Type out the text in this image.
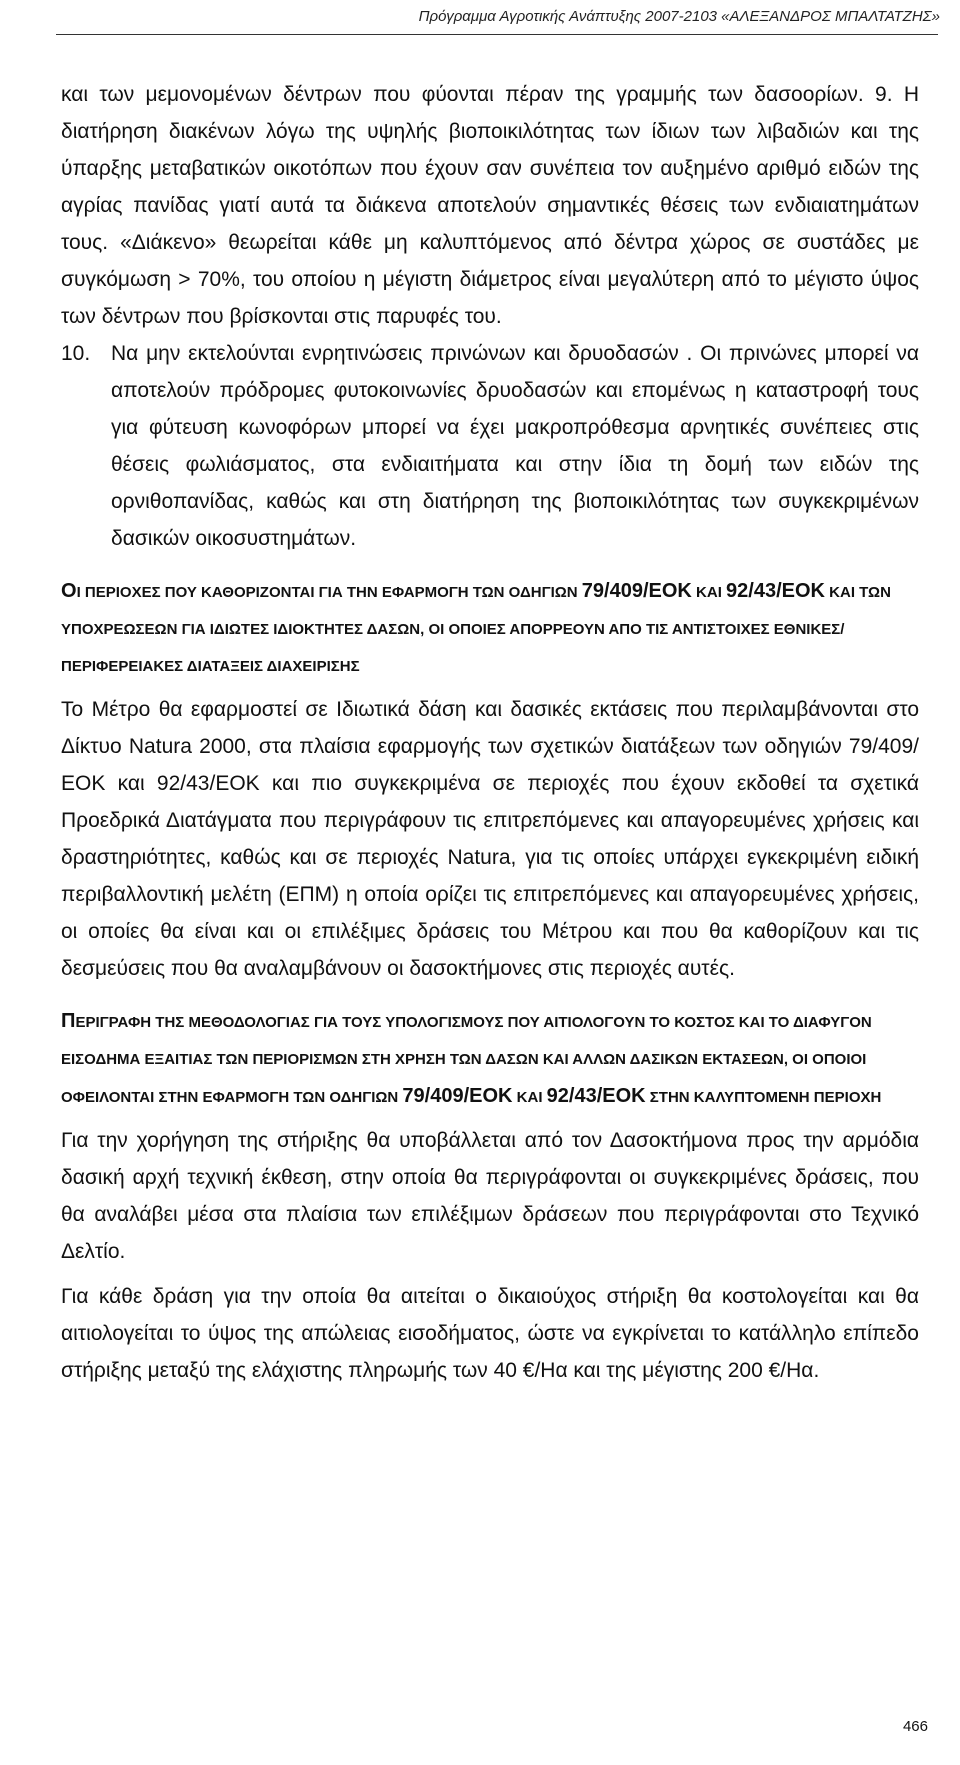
Πρόγραμμα Αγροτικής Ανάπτυξης 2007-2103 «ΑΛΕΞΑΝΔΡΟΣ ΜΠΑΛΤΑΤΖΗΣ»

και των μεμονομένων δέντρων που φύονται πέραν της γραμμής των δασοορίων. 9. Η διατήρηση διακένων λόγω της υψηλής βιοποικιλότητας των ίδιων των λιβαδιών και της ύπαρξης μεταβατικών οικοτόπων που έχουν σαν συνέπεια τον αυξημένο αριθμό ειδών της αγρίας πανίδας γιατί αυτά τα διάκενα αποτελούν σημαντικές θέσεις των ενδιαιατημάτων τους. «Διάκενο» θεωρείται κάθε μη καλυπτόμενος από δέντρα χώρος σε συστάδες με συγκόμωση > 70%, του οποίου η μέγιστη διάμετρος είναι μεγαλύτερη από το μέγιστο ύψος των δέντρων που βρίσκονται στις παρυφές του.

10. Να μην εκτελούνται ενρητινώσεις πρινώνων και δρυοδασών . Οι πρινώνες μπορεί να αποτελούν πρόδρομες φυτοκοινωνίες δρυοδασών και επομένως η καταστροφή τους για φύτευση κωνοφόρων μπορεί να έχει μακροπρόθεσμα αρνητικές συνέπειες στις θέσεις φωλιάσματος, στα ενδιαιτήματα και στην ίδια τη δομή των ειδών της ορνιθοπανίδας, καθώς και στη διατήρηση της βιοποικιλότητας των συγκεκριμένων δασικών οικοσυστημάτων.

ΟΙ ΠΕΡΙΟΧΕΣ ΠΟΥ ΚΑΘΟΡΙΖΟΝΤΑΙ ΓΙΑ ΤΗΝ ΕΦΑΡΜΟΓΗ ΤΩΝ ΟΔΗΓΙΩΝ 79/409/ΕΟΚ ΚΑΙ 92/43/ΕΟΚ ΚΑΙ ΤΩΝ ΥΠΟΧΡΕΩΣΕΩΝ ΓΙΑ ΙΔΙΩΤΕΣ ΙΔΙΟΚΤΗΤΕΣ ΔΑΣΩΝ, ΟΙ ΟΠΟΙΕΣ ΑΠΟΡΡΕΟΥΝ ΑΠΟ ΤΙΣ ΑΝΤΙΣΤΟΙΧΕΣ ΕΘΝΙΚΕΣ/ΠΕΡΙΦΕΡΕΙΑΚΕΣ ΔΙΑΤΑΞΕΙΣ ΔΙΑΧΕΙΡΙΣΗΣ

Το Μέτρο θα εφαρμοστεί σε Ιδιωτικά δάση και δασικές εκτάσεις που περιλαμβάνονται στο Δίκτυο Natura 2000, στα πλαίσια εφαρμογής των σχετικών διατάξεων των οδηγιών 79/409/ΕΟΚ και 92/43/ΕΟΚ και πιο συγκεκριμένα σε περιοχές που έχουν εκδοθεί τα σχετικά Προεδρικά Διατάγματα που περιγράφουν τις επιτρεπόμενες και απαγορευμένες χρήσεις και δραστηριότητες, καθώς και σε περιοχές Natura, για τις οποίες υπάρχει εγκεκριμένη ειδική περιβαλλοντική μελέτη (ΕΠΜ) η οποία ορίζει τις επιτρεπόμενες και απαγορευμένες χρήσεις, οι οποίες θα είναι και οι επιλέξιμες δράσεις του Μέτρου και που θα καθορίζουν και τις δεσμεύσεις που θα αναλαμβάνουν οι δασοκτήμονες στις περιοχές αυτές.

ΠΕΡΙΓΡΑΦΗ ΤΗΣ ΜΕΘΟΔΟΛΟΓΙΑΣ ΓΙΑ ΤΟΥΣ ΥΠΟΛΟΓΙΣΜΟΥΣ ΠΟΥ ΑΙΤΙΟΛΟΓΟΥΝ ΤΟ ΚΟΣΤΟΣ ΚΑΙ ΤΟ ΔΙΑΦΥΓΟΝ ΕΙΣΟΔΗΜΑ ΕΞΑΙΤΙΑΣ ΤΩΝ ΠΕΡΙΟΡΙΣΜΩΝ ΣΤΗ ΧΡΗΣΗ ΤΩΝ ΔΑΣΩΝ ΚΑΙ ΑΛΛΩΝ ΔΑΣΙΚΩΝ ΕΚΤΑΣΕΩΝ, ΟΙ ΟΠΟΙΟΙ ΟΦΕΙΛΟΝΤΑΙ ΣΤΗΝ ΕΦΑΡΜΟΓΗ ΤΩΝ ΟΔΗΓΙΩΝ 79/409/ΕΟΚ ΚΑΙ 92/43/ΕΟΚ ΣΤΗΝ ΚΑΛΥΠΤΟΜΕΝΗ ΠΕΡΙΟΧΗ

Για την χορήγηση της στήριξης θα υποβάλλεται από τον Δασοκτήμονα προς την αρμόδια δασική αρχή τεχνική έκθεση, στην οποία θα περιγράφονται οι συγκεκριμένες δράσεις, που θα αναλάβει μέσα στα πλαίσια των επιλέξιμων δράσεων που περιγράφονται στο Τεχνικό Δελτίο.

Για κάθε δράση για την οποία θα αιτείται ο δικαιούχος στήριξη θα κοστολογείται και θα αιτιολογείται το ύψος της απώλειας εισοδήματος, ώστε να εγκρίνεται το κατάλληλο επίπεδο στήριξης μεταξύ της ελάχιστης πληρωμής των 40 €/Ηα και της μέγιστης 200 €/Ηα.

466
